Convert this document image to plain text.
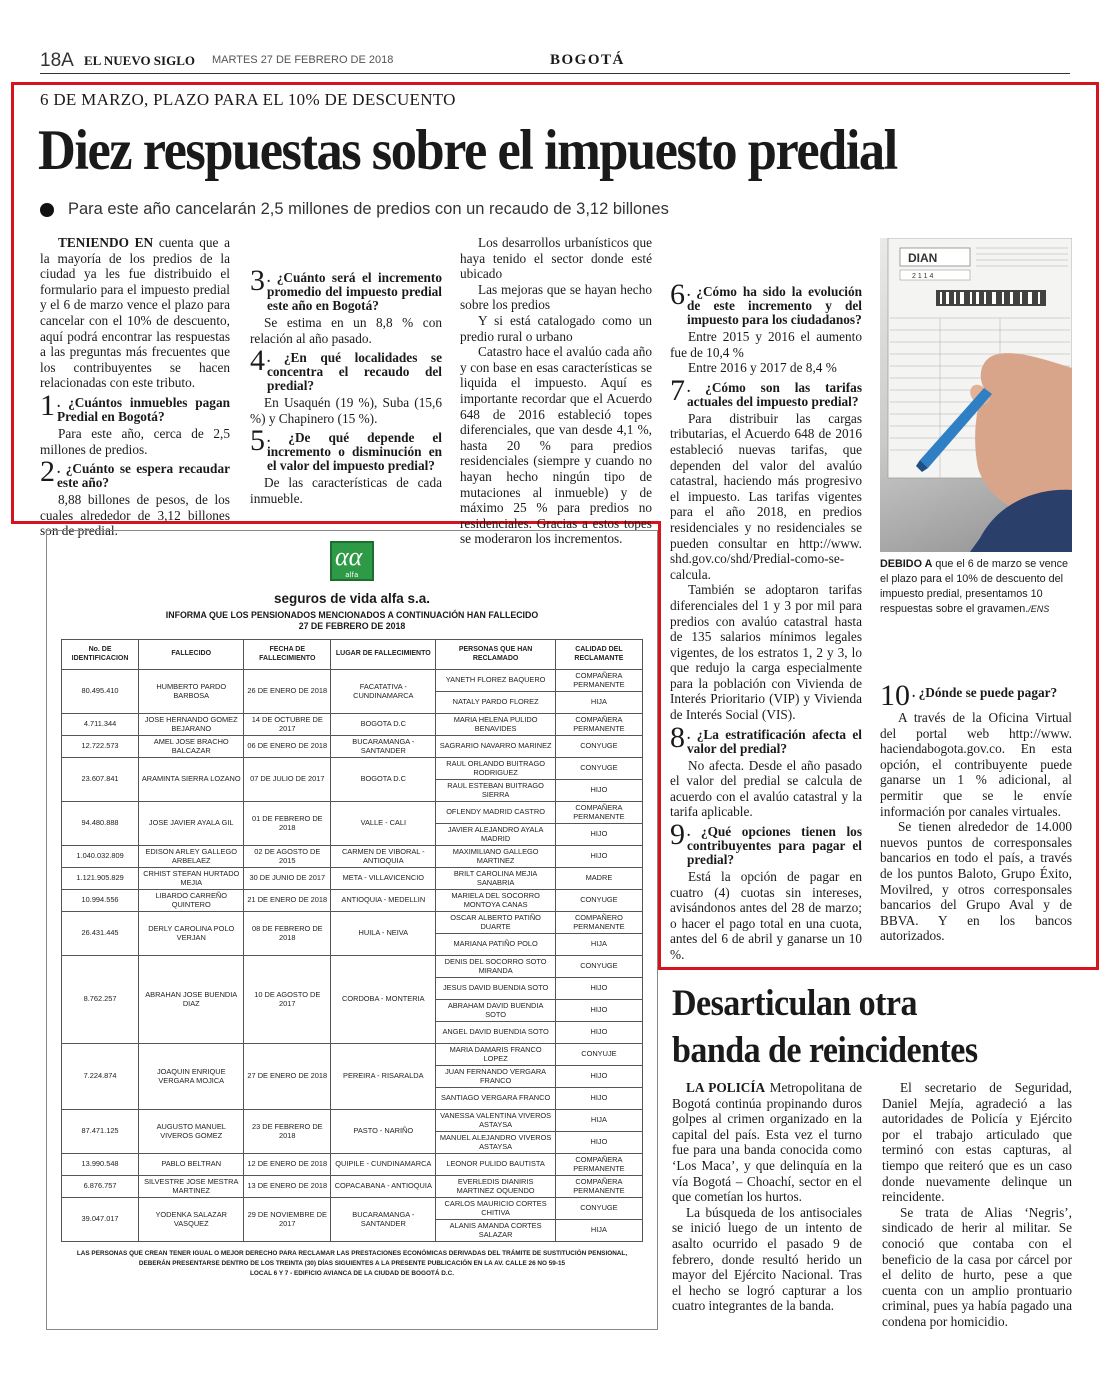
18A EL NUEVO SIGLO MARTES 27 DE FEBRERO DE 2018	BOGOTÁ
6 DE MARZO, PLAZO PARA EL 10% DE DESCUENTO
Diez respuestas sobre el impuesto predial
Para este año cancelarán 2,5 millones de predios con un recaudo de 3,12 billones

TENIENDO EN cuenta que a la mayoría de los predios de la ciudad ya les fue distribuido el formulario para el impuesto predial y el 6 de marzo vence el plazo para cancelar con el 10% de descuento, aquí podrá encontrar las respuestas a las preguntas más frecuentes que los contribuyentes se hacen relacionadas con este tributo.

1 . ¿Cuántos inmuebles pagan Predial en Bogotá?

Para este año, cerca de 2,5 millones de predios.

2 . ¿Cuánto se espera recaudar este año?

8,88 billones de pesos, de los cuales alrededor de 3,12 billones son de predial.

3 . ¿Cuánto será el incremento promedio del impuesto predial este año en Bogotá?

Se estima en un 8,8 % con relación al año pasado.

4 . ¿En qué localidades se concentra el recaudo del predial?

En Usaquén (19 %), Suba (15,6 %) y Chapinero (15 %).

5 . ¿De qué depende el incremento o disminución en el valor del impuesto predial?

De las características de cada inmueble.

Los desarrollos urbanísticos que haya tenido el sector donde esté ubicado

Las mejoras que se hayan hecho sobre los predios

Y si está catalogado como un predio rural o urbano

Catastro hace el avalúo cada año y con base en esas características se liquida el impuesto. Aquí es importante recordar que el Acuerdo 648 de 2016 estableció topes diferenciales, que van desde 4,1 %, hasta 20 % para predios residenciales (siempre y cuando no hayan hecho ningún tipo de mutaciones al inmueble) y de máximo 25 % para predios no residenciales. Gracias a estos topes se moderaron los incrementos.

DIAN
2 1 1 4
DEBIDO A que el 6 de marzo se vence el plazo para el 10% de descuento del impuesto predial, presentamos 10 respuestas sobre el gravamen./ENS
6 . ¿Cómo ha sido la evolución de este incremento y del impuesto para los ciudadanos?

Entre 2015 y 2016 el aumento fue de 10,4 %

Entre 2016 y 2017 de 8,4 %

7 . ¿Cómo son las tarifas actuales del impuesto predial?

Para distribuir las cargas tributarias, el Acuerdo 648 de 2016 estableció nuevas tarifas, que dependen del valor del avalúo catastral, haciendo más progresivo el impuesto. Las tarifas vigentes para el año 2018, en predios residenciales y no residenciales se pueden consultar en http://www. shd.gov.co/shd/Predial-como-se-calcula.

También se adoptaron tarifas diferenciales del 1 y 3 por mil para predios con avalúo catastral hasta de 135 salarios mínimos legales vigentes, de los estratos 1, 2 y 3, lo que redujo la carga especialmente para la población con Vivienda de Interés Prioritario (VIP) y Vivienda de Interés Social (VIS).

8 . ¿La estratificación afecta el valor del predial?

No afecta. Desde el año pasado el valor del predial se calcula de acuerdo con el avalúo catastral y la tarifa aplicable.

9 . ¿Qué opciones tienen los contribuyentes para pagar el predial?

Está la opción de pagar en cuatro (4) cuotas sin intereses, avisándonos antes del 28 de marzo; o hacer el pago total en una cuota, antes del 6 de abril y ganarse un 10 %.

10 . ¿Dónde se puede pagar?

A través de la Oficina Virtual del portal web http://www. haciendabogota.gov.co. En esta opción, el contribuyente puede ganarse un 1 % adicional, al permitir que se le envíe información por canales virtuales.

Se tienen alrededor de 14.000 nuevos puntos de corresponsales bancarios en todo el país, a través de los puntos Baloto, Grupo Éxito, Movilred, y otros corresponsales bancarios del Grupo Aval y de BBVA. Y en los bancos autorizados.

αα
alfa
seguros de vida alfa s.a.
INFORMA QUE LOS PENSIONADOS MENCIONADOS A CONTINUACIÓN HAN FALLECIDO
27 DE FEBRERO DE 2018
No. DE IDENTIFICACION	FALLECIDO	FECHA DE FALLECIMIENTO	LUGAR DE FALLECIMIENTO	PERSONAS QUE HAN RECLAMADO	CALIDAD DEL RECLAMANTE
80.495.410	HUMBERTO PARDO BARBOSA	26 DE ENERO DE 2018	FACATATIVA - CUNDINAMARCA	YANETH FLOREZ BAQUERO	COMPAÑERA PERMANENTE
				NATALY PARDO FLOREZ	HIJA
4.711.344	JOSE HERNANDO GOMEZ BEJARANO	14 DE OCTUBRE DE 2017	BOGOTA D.C	MARIA HELENA PULIDO BENAVIDES	COMPAÑERA PERMANENTE
12.722.573	AMEL JOSE BRACHO BALCAZAR	06 DE ENERO DE 2018	BUCARAMANGA - SANTANDER	SAGRARIO NAVARRO MARINEZ	CONYUGE
23.607.841	ARAMINTA SIERRA LOZANO	07 DE JULIO DE 2017	BOGOTA D.C	RAUL ORLANDO BUITRAGO RODRIGUEZ	CONYUGE
				RAUL ESTEBAN BUITRAGO SIERRA	HIJO
94.480.888	JOSE JAVIER AYALA GIL	01 DE FEBRERO DE 2018	VALLE - CALI	OFLENDY MADRID CASTRO	COMPAÑERA PERMANENTE
				JAVIER ALEJANDRO AYALA MADRID	HIJO
1.040.032.809	EDISON ARLEY GALLEGO ARBELAEZ	02 DE AGOSTO DE 2015	CARMEN DE VIBORAL - ANTIOQUIA	MAXIMILIANO GALLEGO MARTINEZ	HIJO
1.121.905.829	CRHIST STEFAN HURTADO MEJIA	30 DE JUNIO DE 2017	META - VILLAVICENCIO	BRILT CAROLINA MEJIA SANABRIA	MADRE
10.994.556	LIBARDO CARREÑO QUINTERO	21 DE ENERO DE 2018	ANTIOQUIA - MEDELLIN	MARIELA DEL SOCORRO MONTOYA CANAS	CONYUGE
26.431.445	DERLY CAROLINA POLO VERJAN	08 DE FEBRERO DE 2018	HUILA - NEIVA	OSCAR ALBERTO PATIÑO DUARTE	COMPAÑERO PERMANENTE
				MARIANA PATIÑO POLO	HIJA
8.762.257	ABRAHAN JOSE BUENDIA DIAZ	10 DE AGOSTO DE 2017	CORDOBA - MONTERIA	DENIS DEL SOCORRO SOTO MIRANDA	CONYUGE
				JESUS DAVID BUENDIA SOTO	HIJO
				ABRAHAM DAVID BUENDIA SOTO	HIJO
				ANGEL DAVID BUENDIA SOTO	HIJO
7.224.874	JOAQUIN ENRIQUE VERGARA MOJICA	27 DE ENERO DE 2018	PEREIRA - RISARALDA	MARIA DAMARIS FRANCO LOPEZ	CONYUJE
				JUAN FERNANDO VERGARA FRANCO	HIJO
				SANTIAGO VERGARA FRANCO	HIJO
87.471.125	AUGUSTO MANUEL VIVEROS GOMEZ	23 DE FEBRERO DE 2018	PASTO - NARIÑO	VANESSA VALENTINA VIVEROS ASTAYSA	HIJA
				MANUEL ALEJANDRO VIVEROS ASTAYSA	HIJO
13.990.548	PABLO BELTRAN	12 DE ENERO DE 2018	QUIPILE - CUNDINAMARCA	LEONOR PULIDO BAUTISTA	COMPAÑERA PERMANENTE
6.876.757	SILVESTRE JOSE MESTRA MARTINEZ	13 DE ENERO DE 2018	COPACABANA - ANTIOQUIA	EVERLEDIS DIANIRIS MARTINEZ OQUENDO	COMPAÑERA PERMANENTE
39.047.017	YODENKA SALAZAR VASQUEZ	29 DE NOVIEMBRE DE 2017	BUCARAMANGA - SANTANDER	CARLOS MAURICIO CORTES CHITIVA	CONYUGE
				ALANIS AMANDA CORTES SALAZAR	HIJA
LAS PERSONAS QUE CREAN TENER IGUAL O MEJOR DERECHO PARA RECLAMAR LAS PRESTACIONES ECONÓMICAS DERIVADAS DEL TRÁMITE DE SUSTITUCIÓN PENSIONAL,
DEBERÁN PRESENTARSE DENTRO DE LOS TREINTA (30) DÍAS SIGUIENTES A LA PRESENTE PUBLICACIÓN EN LA AV. CALLE 26 NO 59-15
LOCAL 6 Y 7 - EDIFICIO AVIANCA DE LA CIUDAD DE BOGOTÁ D.C.
Desarticulan otra
banda de reincidentes

LA POLICÍA Metropolitana de Bogotá continúa propinando duros golpes al crimen organizado en la capital del país. Esta vez el turno fue para una banda conocida como ‘Los Maca’, y que delinquía en la vía Bogotá – Choachí, sector en el que cometían los hurtos.

La búsqueda de los antisociales se inició luego de un intento de asalto ocurrido el pasado 9 de febrero, donde resultó herido un mayor del Ejército Nacional. Tras el hecho se logró capturar a los cuatro integrantes de la banda.

El secretario de Seguridad, Daniel Mejía, agradeció a las autoridades de Policía y Ejército por el trabajo articulado que terminó con estas capturas, al tiempo que reiteró que es un caso donde nuevamente delinque un reincidente.

Se trata de Alias ‘Negris’, sindicado de herir al militar. Se conoció que contaba con el beneficio de la casa por cárcel por el delito de hurto, pese a que cuenta con un amplio prontuario criminal, pues ya había pagado una condena por homicidio.
